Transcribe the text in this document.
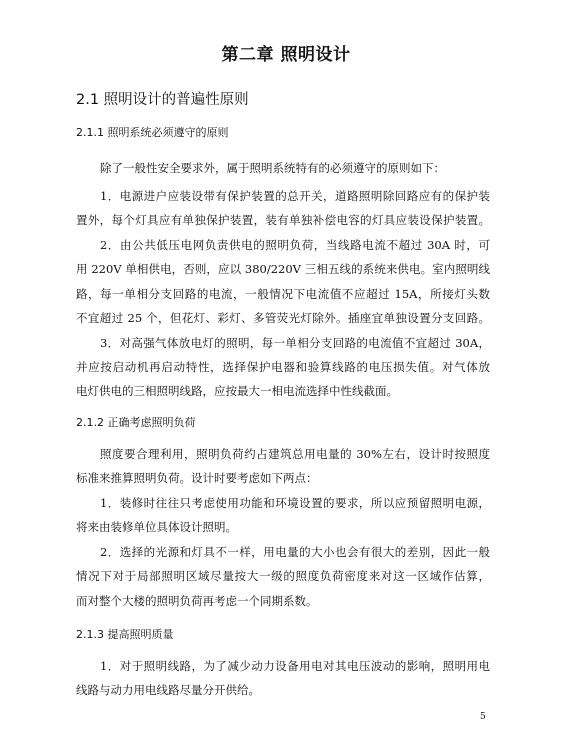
第二章 照明设计
2.1 照明设计的普遍性原则
2.1.1 照明系统必须遵守的原则
除了一般性安全要求外，属于照明系统特有的必须遵守的原则如下：
1．电源进户应装设带有保护装置的总开关，道路照明除回路应有的保护装
置外，每个灯具应有单独保护装置，装有单独补偿电容的灯具应装设保护装置。
2．由公共低压电网负责供电的照明负荷，当线路电流不超过 30A 时，可
用 220V 单相供电，否则，应以 380/220V 三相五线的系统来供电。室内照明线
路，每一单相分支回路的电流，一般情况下电流值不应超过 15A，所接灯头数
不宜超过 25 个，但花灯、彩灯、多管荧光灯除外。插座宜单独设置分支回路。
3．对高强气体放电灯的照明，每一单相分支回路的电流值不宜超过 30A，
并应按启动机再启动特性，选择保护电器和验算线路的电压损失值。对气体放
电灯供电的三相照明线路，应按最大一相电流选择中性线截面。
2.1.2 正确考虑照明负荷
照度要合理利用，照明负荷约占建筑总用电量的 30%左右，设计时按照度
标准来推算照明负荷。设计时要考虑如下两点：
1．装修时往往只考虑使用功能和环境设置的要求，所以应预留照明电源，
将来由装修单位具体设计照明。
2．选择的光源和灯具不一样，用电量的大小也会有很大的差别，因此一般
情况下对于局部照明区域尽量按大一级的照度负荷密度来对这一区域作估算，
而对整个大楼的照明负荷再考虑一个同期系数。
2.1.3 提高照明质量
1．对于照明线路，为了减少动力设备用电对其电压波动的影响，照明用电
线路与动力用电线路尽量分开供给。
5
